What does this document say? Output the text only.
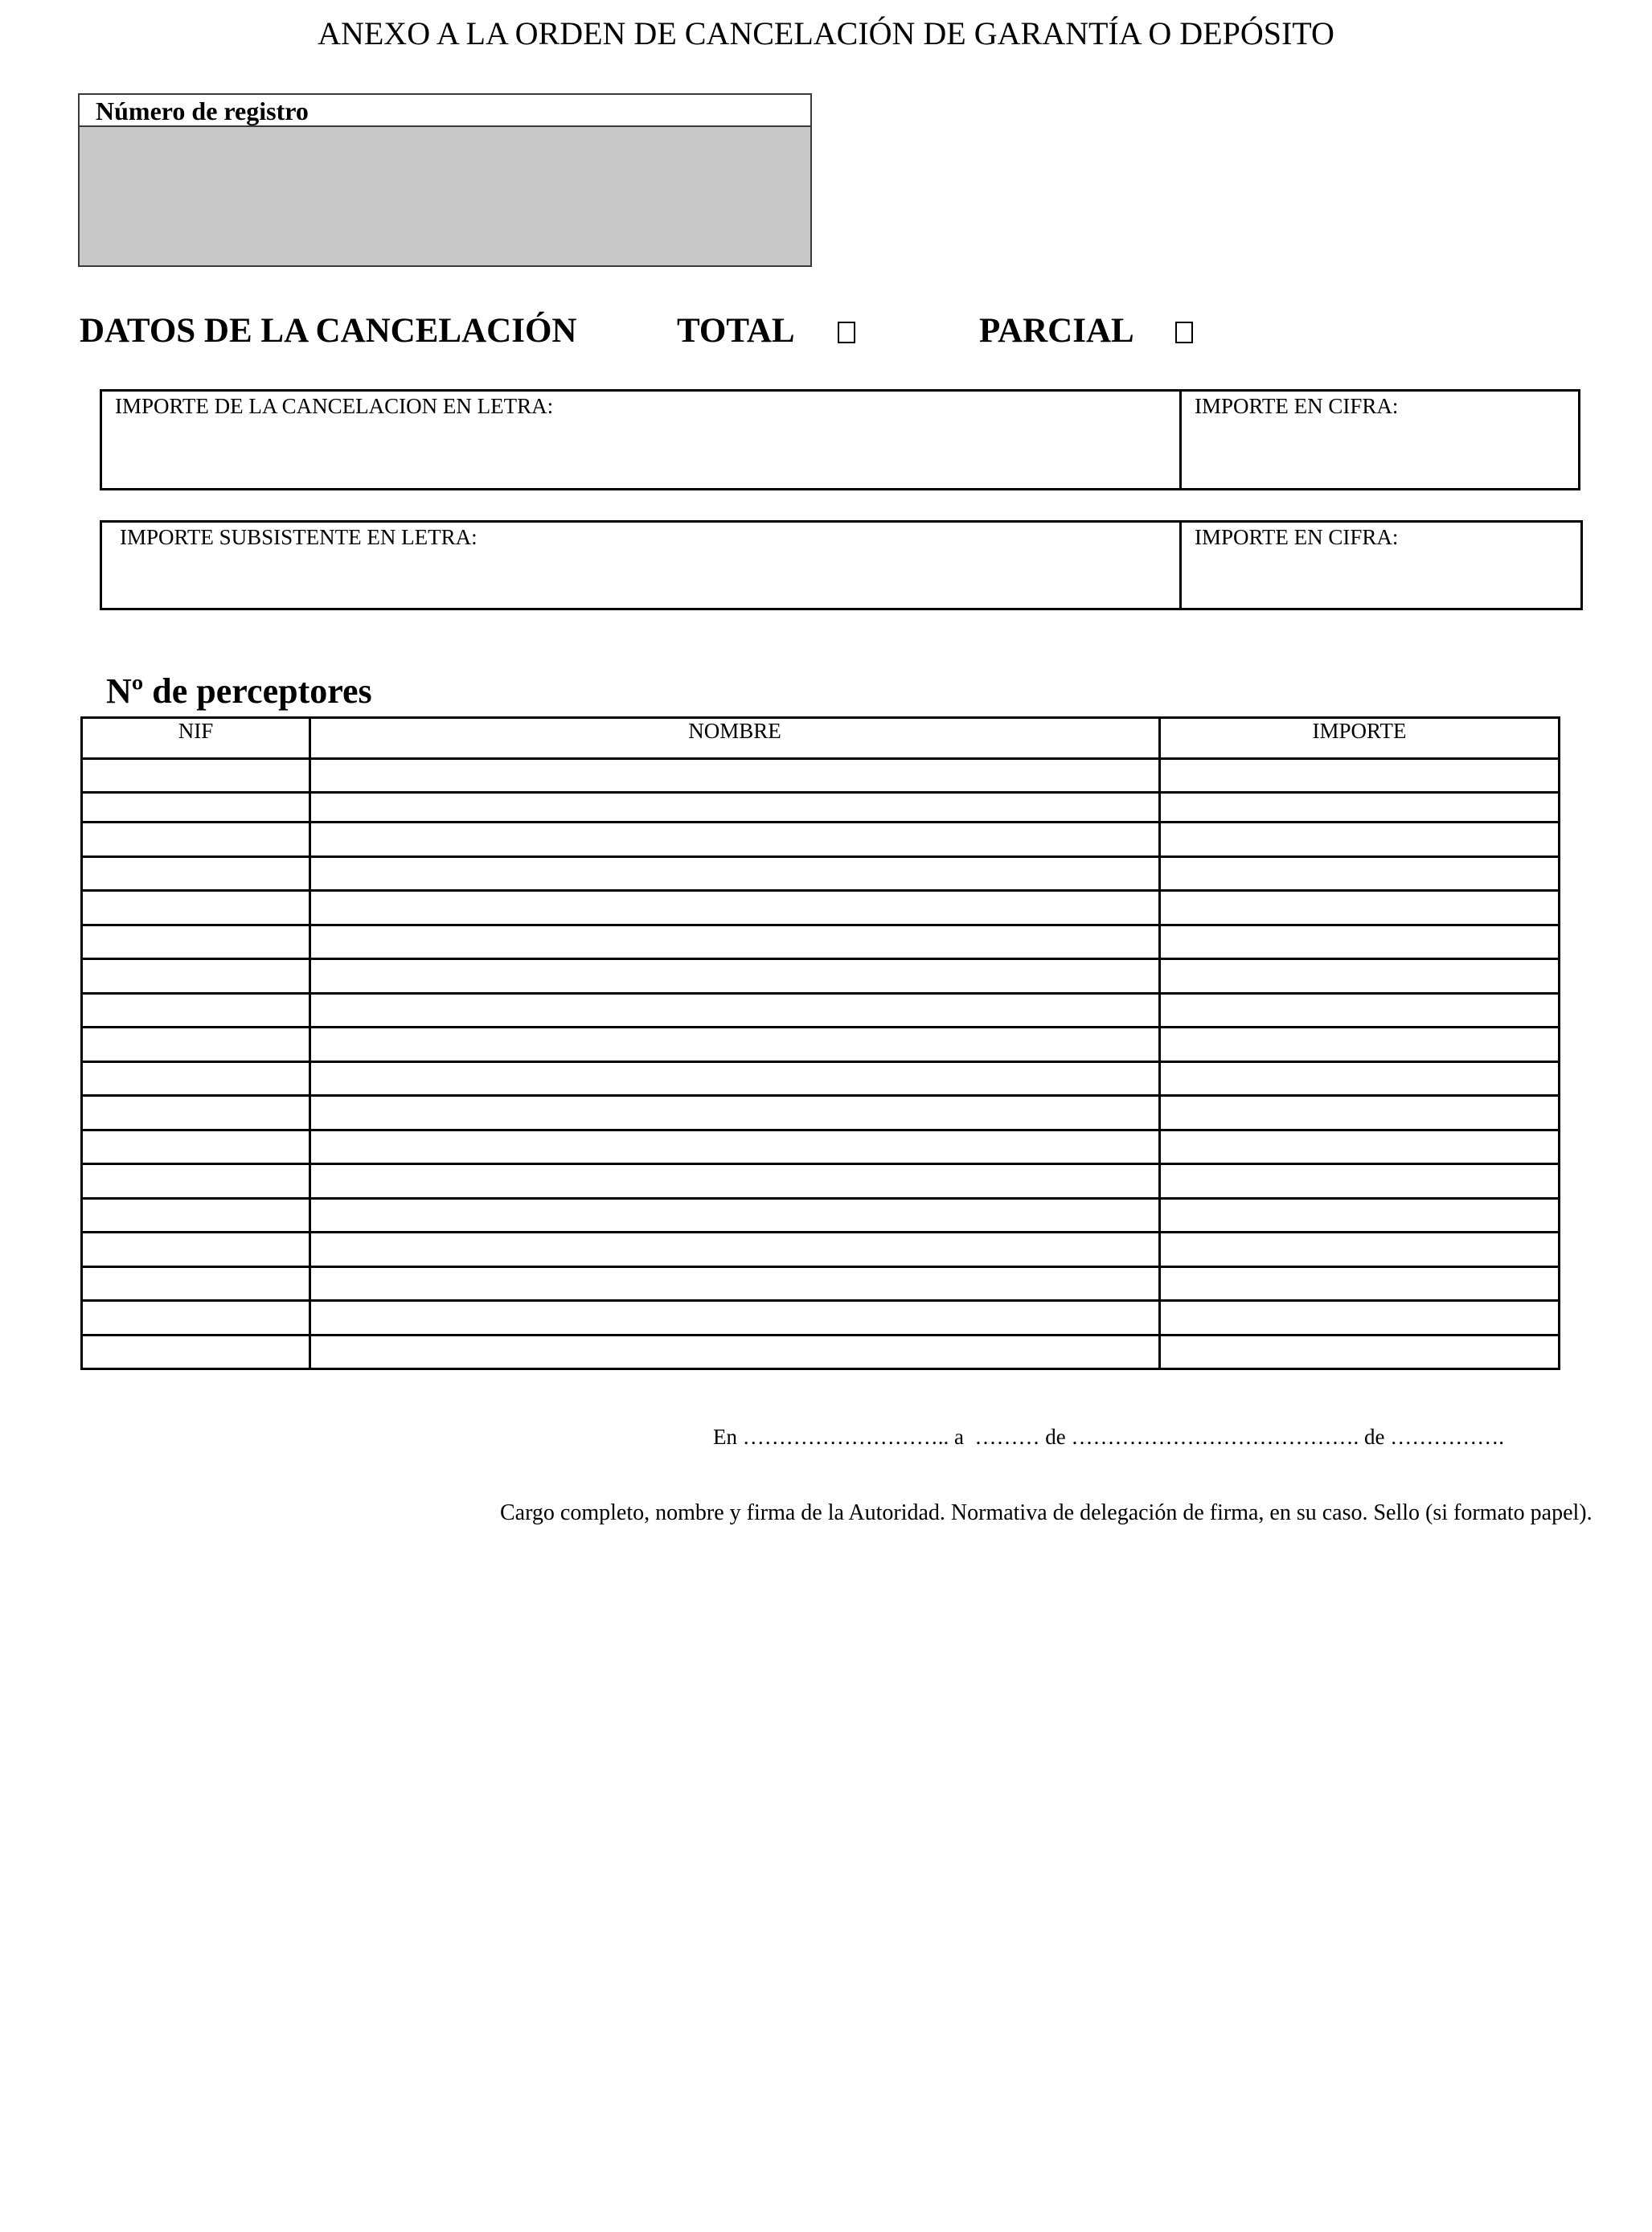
ANEXO A LA ORDEN DE CANCELACIÓN DE GARANTÍA O DEPÓSITO
Número de registro
DATOS DE LA CANCELACIÓN	TOTAL	PARCIAL
IMPORTE DE LA CANCELACION EN LETRA:	IMPORTE EN CIFRA:
IMPORTE SUBSISTENTE EN LETRA:	IMPORTE EN CIFRA:
Nº de perceptores
NIF	NOMBRE	IMPORTE

En ……………………….. a  ……… de …………………………………. de …………….
Cargo completo, nombre y firma de la Autoridad. Normativa de delegación de firma, en su caso. Sello (si formato papel).
